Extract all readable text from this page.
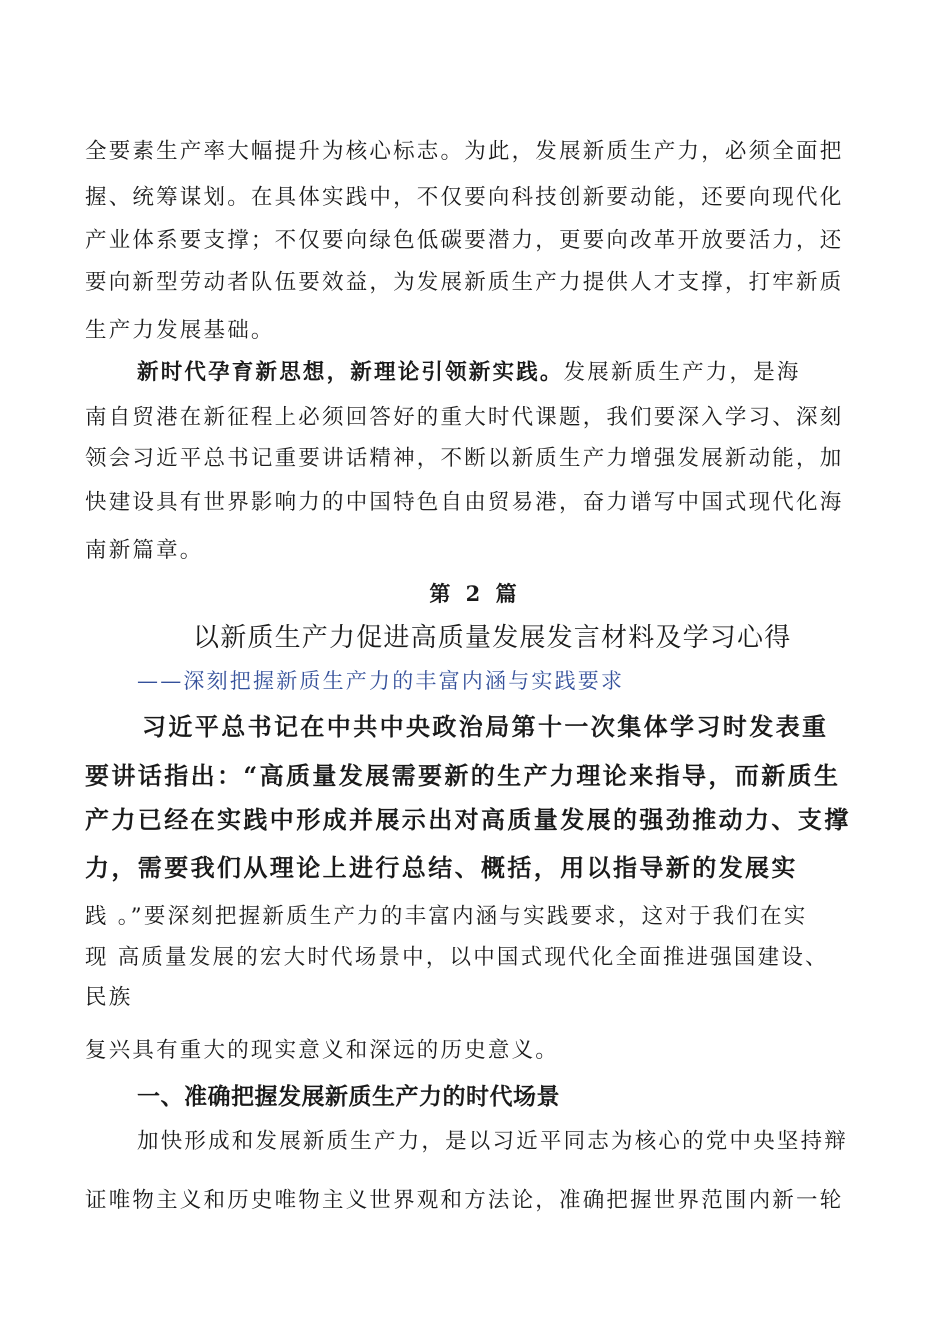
全要素生产率大幅提升为核心标志。为此，发展新质生产力，必须全面把
握、统筹谋划。在具体实践中，不仅要向科技创新要动能，还要向现代化
产业体系要支撑；不仅要向绿色低碳要潜力，更要向改革开放要活力，还
要向新型劳动者队伍要效益，为发展新质生产力提供人才支撑，打牢新质
生产力发展基础。
新时代孕育新思想，新理论引领新实践。发展新质生产力，是海
南自贸港在新征程上必须回答好的重大时代课题，我们要深入学习、深刻
领会习近平总书记重要讲话精神，不断以新质生产力增强发展新动能，加
快建设具有世界影响力的中国特色自由贸易港，奋力谱写中国式现代化海
南新篇章。
第 2 篇
以新质生产力促进高质量发展发言材料及学习心得
——深刻把握新质生产力的丰富内涵与实践要求
习近平总书记在中共中央政治局第十一次集体学习时发表重
要讲话指出：“高质量发展需要新的生产力理论来指导，而新质生
产力已经在实践中形成并展示出对高质量发展的强劲推动力、支撑
力，需要我们从理论上进行总结、概括，用以指导新的发展实
践 。”要深刻把握新质生产力的丰富内涵与实践要求，这对于我们在实
现 高质量发展的宏大时代场景中，以中国式现代化全面推进强国建设、
民族
复兴具有重大的现实意义和深远的历史意义。
一、准确把握发展新质生产力的时代场景
加快形成和发展新质生产力，是以习近平同志为核心的党中央坚持辩
证唯物主义和历史唯物主义世界观和方法论，准确把握世界范围内新一轮
